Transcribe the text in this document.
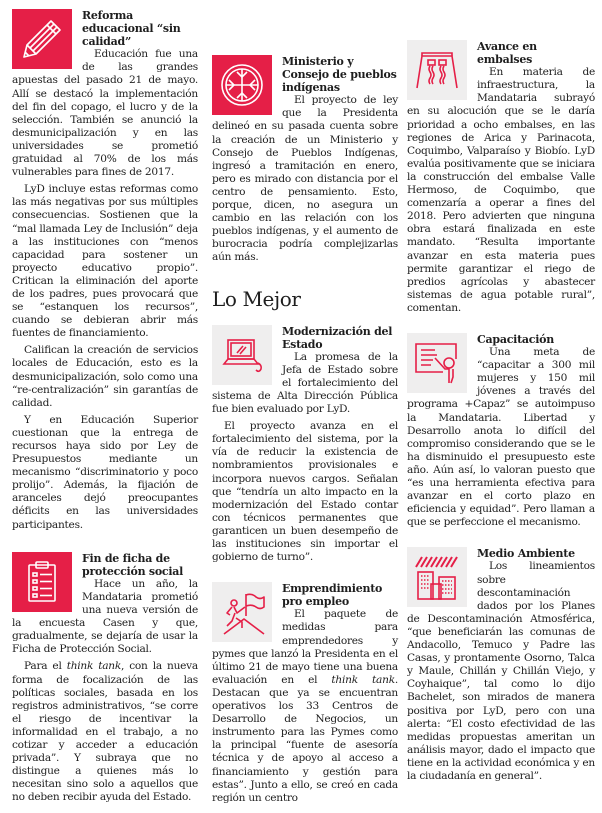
Reforma educacional “sin calidad”

Educación fue una de las grandes apuestas del pasado 21 de mayo. Allí se destacó la implementación del fin del copago, el lucro y de la selección. También se anunció la desmunicipalización y en las universidades se prometió gratuidad al 70% de los más vulnerables para fines de 2017.

LyD incluye estas reformas como las más negativas por sus múltiples consecuencias. Sostienen que la “mal llamada Ley de Inclusión” deja a las instituciones con “menos capacidad para sostener un proyecto educativo propio”. Critican la eliminación del aporte de los padres, pues provocará que se “estanquen los recursos”, cuando se debieran abrir más fuentes de financiamiento.

Califican la creación de servicios locales de Educación, esto es la desmunicipalización, solo como una “re-centralización” sin garantías de calidad.

Y en Educación Superior cuestionan que la entrega de recursos haya sido por Ley de Presupuestos mediante un mecanismo “discriminatorio y poco prolijo”. Además, la fijación de aranceles dejó preocupantes déficits en las universidades participantes.

Fin de ficha de protección social

Hace un año, la Mandataria prometió una nueva versión de la encuesta Casen y que, gradualmente, se dejaría de usar la Ficha de Protección Social.

Para el think tank, con la nueva forma de focalización de las políticas sociales, basada en los registros administrativos, “se corre el riesgo de incentivar la informalidad en el trabajo, a no cotizar y acceder a educación privada”. Y subraya que no distingue a quienes más lo necesitan sino solo a aquellos que no deben recibir ayuda del Estado.

Ministerio y Consejo de pueblos indígenas

El proyecto de ley que la Presidenta delineó en su pasada cuenta sobre la creación de un Ministerio y Consejo de Pueblos Indígenas, ingresó a tramitación en enero, pero es mirado con distancia por el centro de pensamiento. Esto, porque, dicen, no asegura un cambio en las relación con los pueblos indígenas, y el aumento de burocracia podría complejizarlas aún más.

Lo Mejor
Modernización del Estado

La promesa de la Jefa de Estado sobre el fortalecimiento del sistema de Alta Dirección Pública fue bien evaluado por LyD.

El proyecto avanza en el fortalecimiento del sistema, por la vía de reducir la existencia de nombramientos provisionales e incorpora nuevos cargos. Señalan que “tendría un alto impacto en la modernización del Estado contar con técnicos permanentes que garanticen un buen desempeño de las instituciones sin importar el gobierno de turno”.

Emprendimiento pro empleo

El paquete de medidas para emprendedores y pymes que lanzó la Presidenta en el último 21 de mayo tiene una buena evaluación en el think tank. Destacan que ya se encuentran operativos los 33 Centros de Desarrollo de Negocios, un instrumento para las Pymes como la principal “fuente de asesoría técnica y de apoyo al acceso a financiamiento y gestión para estas”. Junto a ello, se creó en cada región un centro

Avance en embalses

En materia de infraestructura, la Mandataria subrayó en su alocución que se le daría prioridad a ocho embalses, en las regiones de Arica y Parinacota, Coquimbo, Valparaíso y Biobío. LyD evalúa positivamente que se iniciara la construcción del embalse Valle Hermoso, de Coquimbo, que comenzaría a operar a fines del 2018. Pero advierten que ninguna obra estará finalizada en este mandato. “Resulta importante avanzar en esta materia pues permite garantizar el riego de predios agrícolas y abastecer sistemas de agua potable rural”, comentan.

Capacitación

Una meta de “capacitar a 300 mil mujeres y 150 mil jóvenes a través del programa +Capaz” se autoimpuso la Mandataria. Libertad y Desarrollo anota lo difícil del compromiso considerando que se le ha disminuido el presupuesto este año. Aún así, lo valoran puesto que “es una herramienta efectiva para avanzar en el corto plazo en eficiencia y equidad”. Pero llaman a que se perfeccione el mecanismo.

Medio Ambiente

Los lineamientos sobre descontaminación dados por los Planes de Descontaminación Atmosférica, “que beneficiarán las comunas de Andacollo, Temuco y Padre las Casas, y prontamente Osorno, Talca y Maule, Chillán y Chillán Viejo, y Coyhaique”, tal como lo dijo Bachelet, son mirados de manera positiva por LyD, pero con una alerta: “El costo efectividad de las medidas propuestas ameritan un análisis mayor, dado el impacto que tiene en la actividad económica y en la ciudadanía en general”.
